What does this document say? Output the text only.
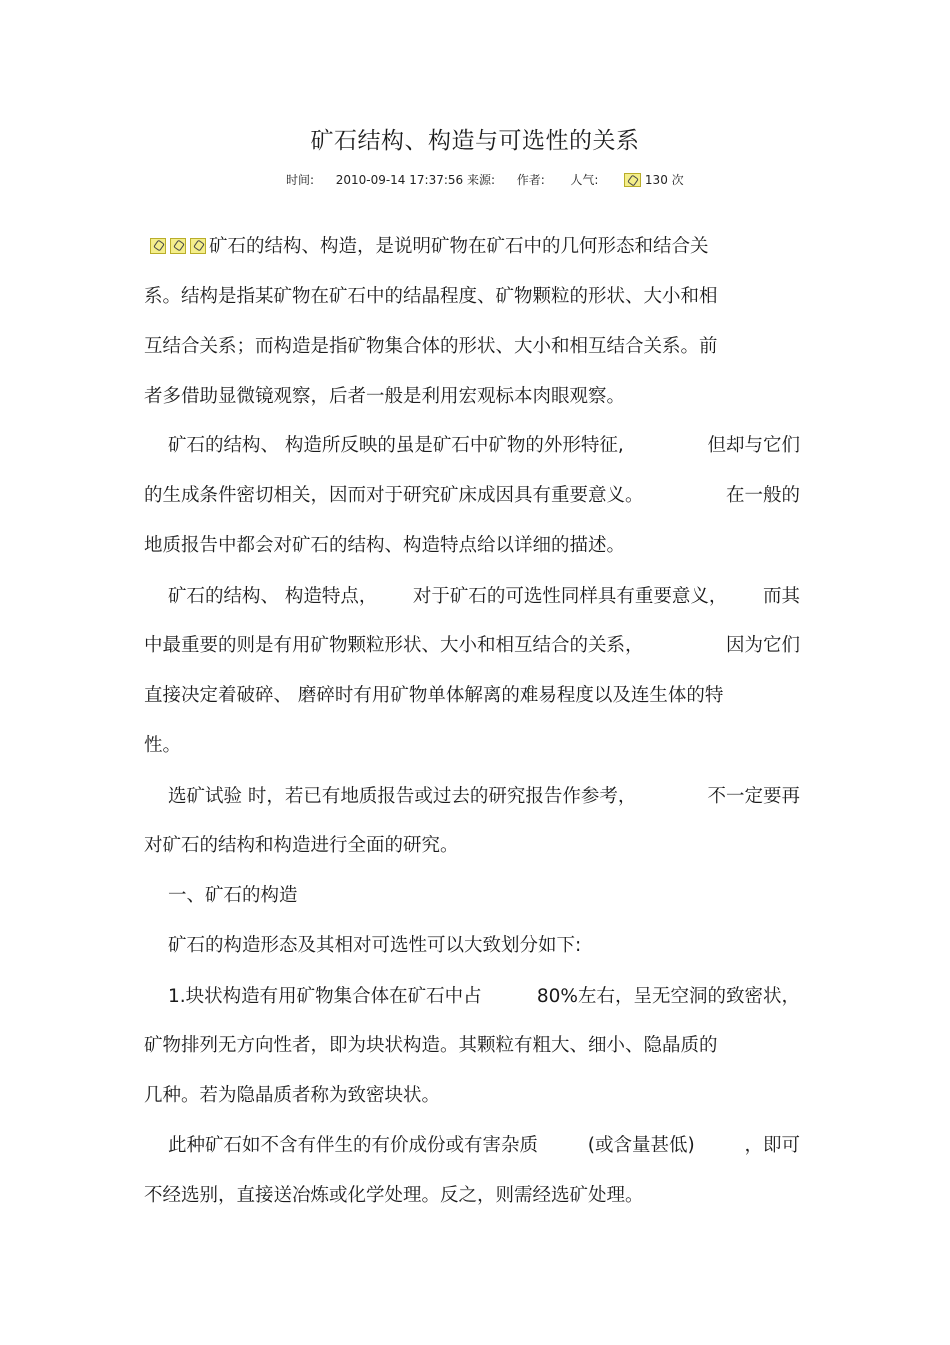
矿石结构、构造与可选性的关系
时间: 2010-09-14 17:37:56 来源: 作者: 人气:	130 次
矿石的结构、构造，是说明矿物在矿石中的几何形态和结合关
系。结构是指某矿物在矿石中的结晶程度、矿物颗粒的形状、大小和相
互结合关系；而构造是指矿物集合体的形状、大小和相互结合关系。前
者多借助显微镜观察，后者一般是利用宏观标本肉眼观察。
矿石的结构、 构造所反映的虽是矿石中矿物的外形特征,	但却与它们
的生成条件密切相关，因而对于研究矿床成因具有重要意义。	在一般的
地质报告中都会对矿石的结构、构造特点给以详细的描述。
矿石的结构、 构造特点， 对于矿石的可选性同样具有重要意义， 而其
中最重要的则是有用矿物颗粒形状、大小和相互结合的关系，	因为它们
直接决定着破碎、 磨碎时有用矿物单体解离的难易程度以及连生体的特
性。
选矿试验 时，若已有地质报告或过去的研究报告作参考，	不一定要再
对矿石的结构和构造进行全面的研究。
一、矿石的构造
矿石的构造形态及其相对可选性可以大致划分如下:
1.块状构造有用矿物集合体在矿石中占	80%左右，呈无空洞的致密状，
矿物排列无方向性者，即为块状构造。其颗粒有粗大、细小、隐晶质的
几种。若为隐晶质者称为致密块状。
此种矿石如不含有伴生的有价成份或有害杂质	(或含量甚低)	，即可
不经选别，直接送冶炼或化学处理。反之，则需经选矿处理。
